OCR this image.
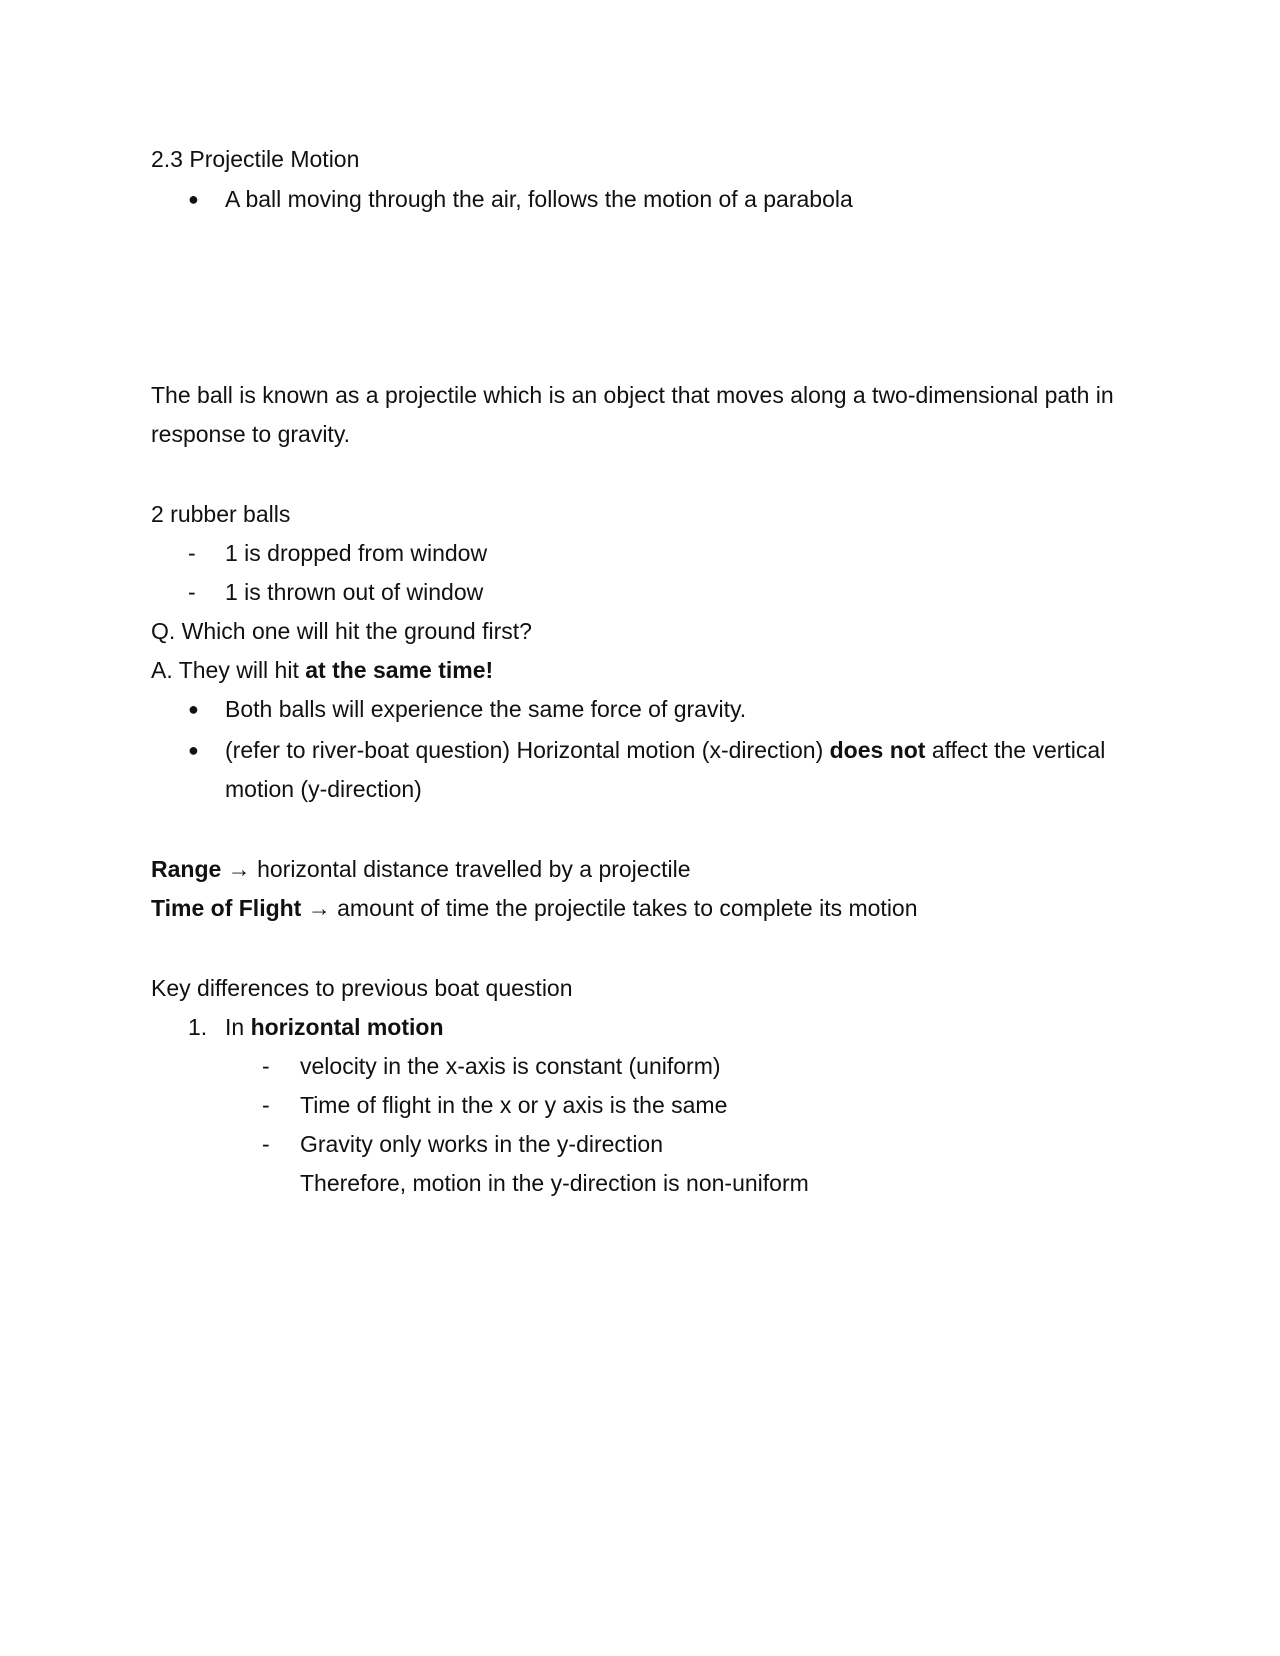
2.3 Projectile Motion
● A ball moving through the air, follows the motion of a parabola
The ball is known as a projectile which is an object that moves along a two-dimensional path in
response to gravity.
2 rubber balls
- 1 is dropped from window
- 1 is thrown out of window
Q. Which one will hit the ground first?
A. They will hit at the same time!
● Both balls will experience the same force of gravity.
● (refer to river-boat question) Horizontal motion (x-direction) does not affect the vertical
motion (y-direction)
Range → horizontal distance travelled by a projectile
Time of Flight → amount of time the projectile takes to complete its motion
Key differences to previous boat question
1. In horizontal motion
- velocity in the x-axis is constant (uniform)
- Time of flight in the x or y axis is the same
- Gravity only works in the y-direction
Therefore, motion in the y-direction is non-uniform
